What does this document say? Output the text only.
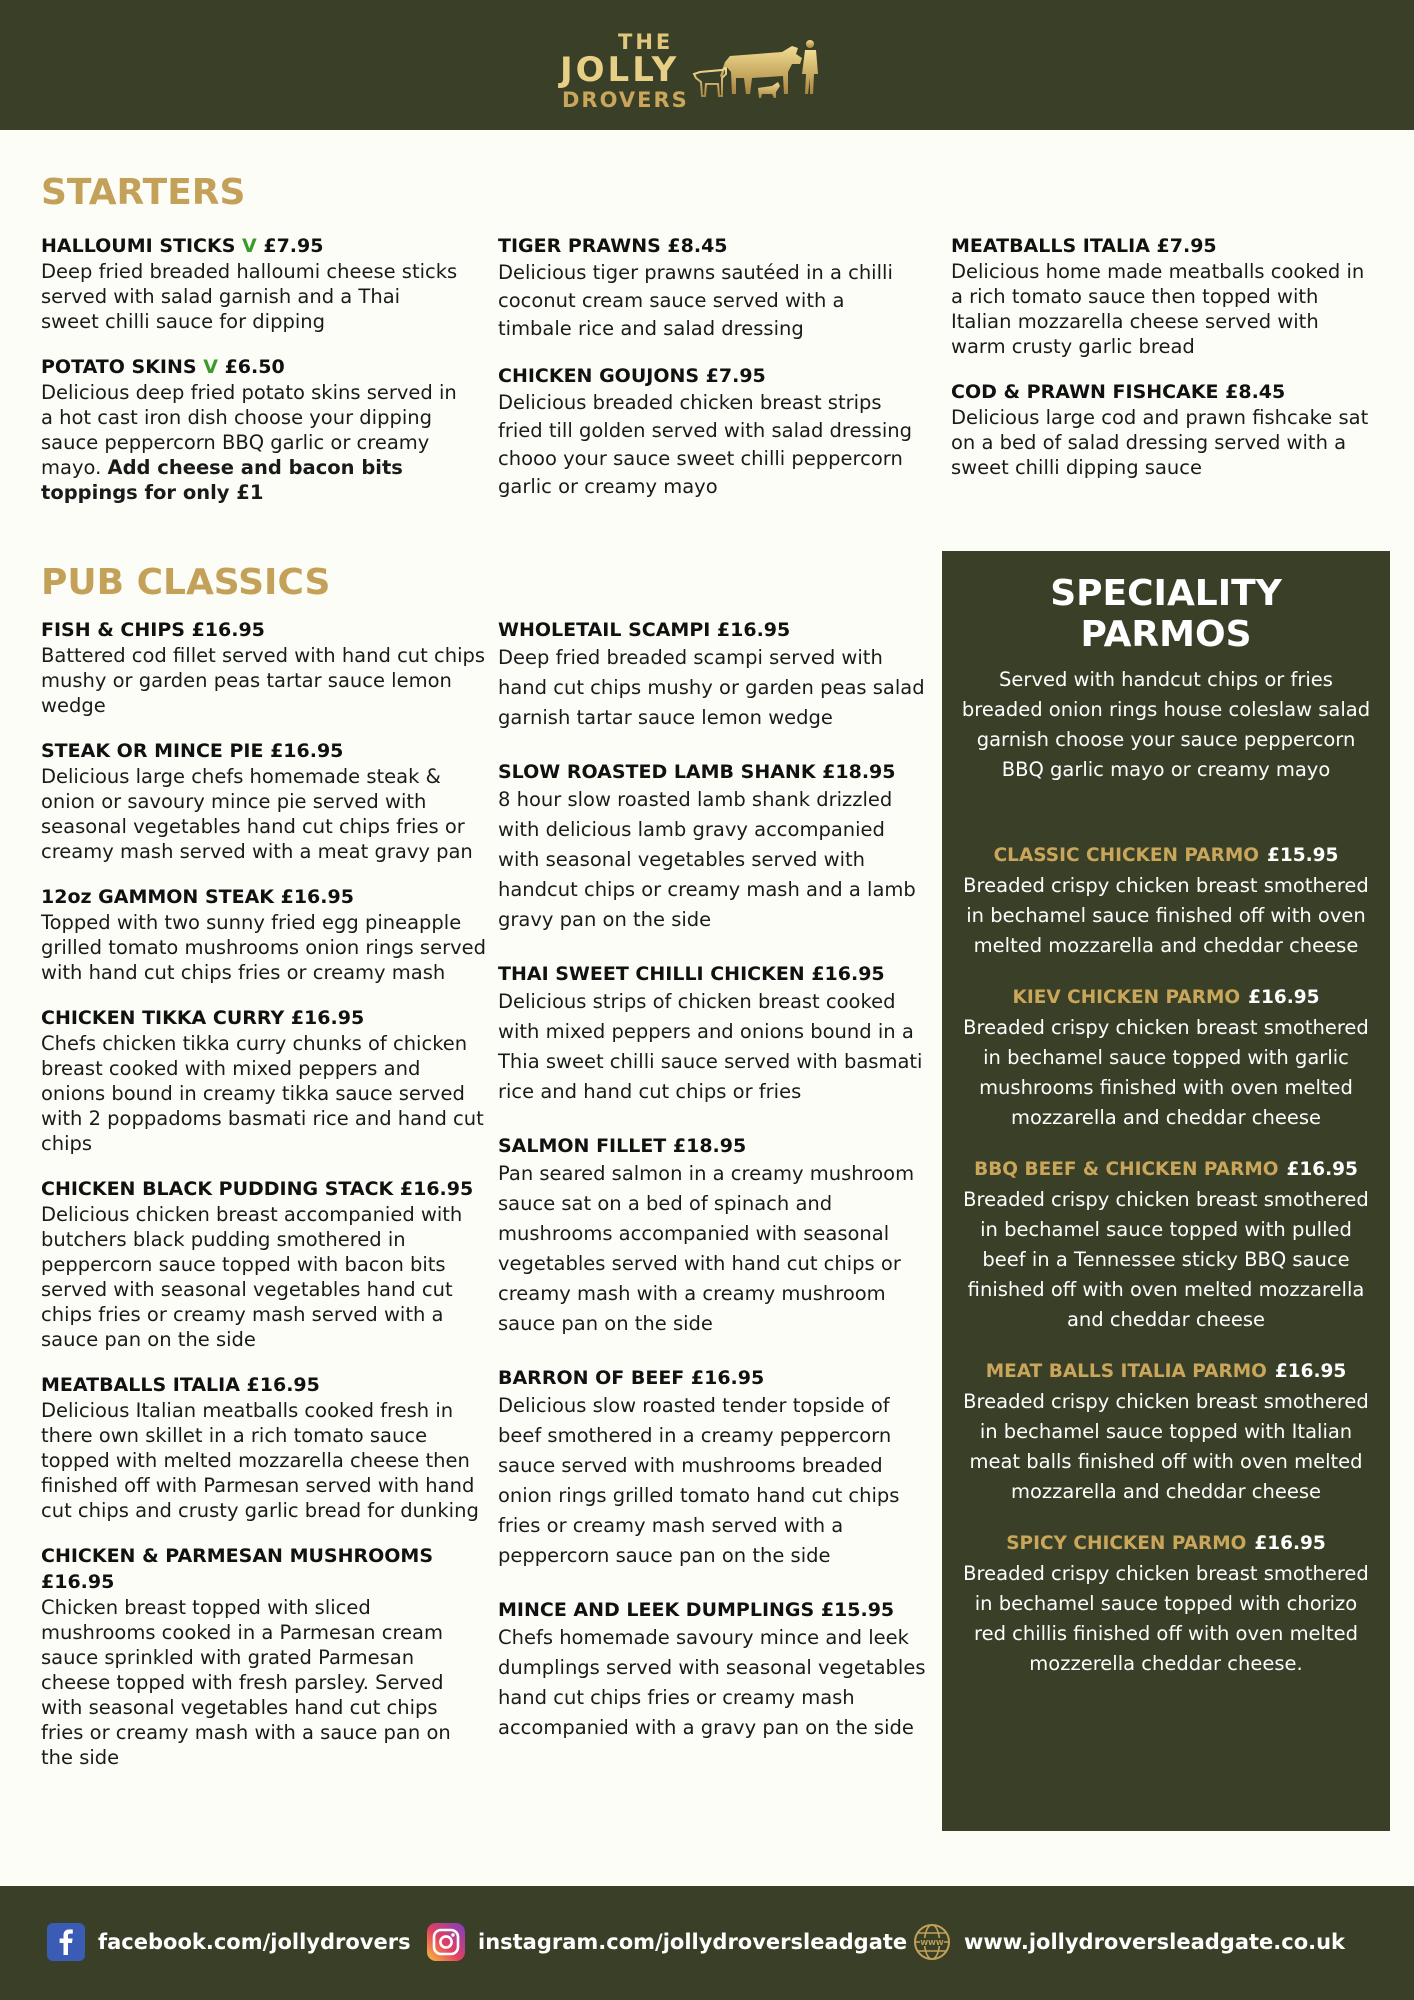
THE
JOLLY
DROVERS
STARTERS
HALLOUMI STICKS V £7.95
Deep fried breaded halloumi cheese sticks served with salad garnish and a Thai sweet chilli sauce for dipping
POTATO SKINS V £6.50
Delicious deep fried potato skins served in a hot cast iron dish choose your dipping sauce peppercorn BBQ garlic or creamy mayo. Add cheese and bacon bits toppings for only £1
TIGER PRAWNS £8.45
Delicious tiger prawns sautéed in a chilli coconut cream sauce served with a timbale rice and salad dressing
CHICKEN GOUJONS £7.95
Delicious breaded chicken breast strips fried till golden served with salad dressing chooo your sauce sweet chilli peppercorn garlic or creamy mayo
MEATBALLS ITALIA £7.95
Delicious home made meatballs cooked in a rich tomato sauce then topped with Italian mozzarella cheese served with warm crusty garlic bread
COD & PRAWN FISHCAKE £8.45
Delicious large cod and prawn fishcake sat on a bed of salad dressing served with a sweet chilli dipping sauce
PUB CLASSICS
FISH & CHIPS £16.95
Battered cod fillet served with hand cut chips mushy or garden peas tartar sauce lemon wedge
STEAK OR MINCE PIE £16.95
Delicious large chefs homemade steak & onion or savoury mince pie served with seasonal vegetables hand cut chips fries or creamy mash served with a meat gravy pan
12oz GAMMON STEAK £16.95
Topped with two sunny fried egg pineapple grilled tomato mushrooms onion rings served with hand cut chips fries or creamy mash
CHICKEN TIKKA CURRY £16.95
Chefs chicken tikka curry chunks of chicken breast cooked with mixed peppers and onions bound in creamy tikka sauce served with 2 poppadoms basmati rice and hand cut chips
CHICKEN BLACK PUDDING STACK £16.95
Delicious chicken breast accompanied with butchers black pudding smothered in peppercorn sauce topped with bacon bits served with seasonal vegetables hand cut chips fries or creamy mash served with a sauce pan on the side
MEATBALLS ITALIA £16.95
Delicious Italian meatballs cooked fresh in there own skillet in a rich tomato sauce topped with melted mozzarella cheese then finished off with Parmesan served with hand cut chips and crusty garlic bread for dunking
CHICKEN & PARMESAN MUSHROOMS £16.95
Chicken breast topped with sliced mushrooms cooked in a Parmesan cream sauce sprinkled with grated Parmesan cheese topped with fresh parsley. Served with seasonal vegetables hand cut chips fries or creamy mash with a sauce pan on the side
WHOLETAIL SCAMPI £16.95
Deep fried breaded scampi served with hand cut chips mushy or garden peas salad garnish tartar sauce lemon wedge
SLOW ROASTED LAMB SHANK £18.95
8 hour slow roasted lamb shank drizzled with delicious lamb gravy accompanied with seasonal vegetables served with handcut chips or creamy mash and a lamb gravy pan on the side
THAI SWEET CHILLI CHICKEN £16.95
Delicious strips of chicken breast cooked with mixed peppers and onions bound in a Thia sweet chilli sauce served with basmati rice and hand cut chips or fries
SALMON FILLET £18.95
Pan seared salmon in a creamy mushroom sauce sat on a bed of spinach and mushrooms accompanied with seasonal vegetables served with hand cut chips or creamy mash with a creamy mushroom sauce pan on the side
BARRON OF BEEF £16.95
Delicious slow roasted tender topside of beef smothered in a creamy peppercorn sauce served with mushrooms breaded onion rings grilled tomato hand cut chips fries or creamy mash served with a peppercorn sauce pan on the side
MINCE AND LEEK DUMPLINGS £15.95
Chefs homemade savoury mince and leek dumplings served with seasonal vegetables hand cut chips fries or creamy mash accompanied with a gravy pan on the side
SPECIALITY PARMOS
Served with handcut chips or fries breaded onion rings house coleslaw salad garnish choose your sauce peppercorn BBQ garlic mayo or creamy mayo
CLASSIC CHICKEN PARMO £15.95
Breaded crispy chicken breast smothered in bechamel sauce finished off with oven melted mozzarella and cheddar cheese
KIEV CHICKEN PARMO £16.95
Breaded crispy chicken breast smothered in bechamel sauce topped with garlic mushrooms finished with oven melted mozzarella and cheddar cheese
BBQ BEEF & CHICKEN PARMO £16.95
Breaded crispy chicken breast smothered in bechamel sauce topped with pulled beef in a Tennessee sticky BBQ sauce finished off with oven melted mozzarella and cheddar cheese
MEAT BALLS ITALIA PARMO £16.95
Breaded crispy chicken breast smothered in bechamel sauce topped with Italian meat balls finished off with oven melted mozzarella and cheddar cheese
SPICY CHICKEN PARMO £16.95
Breaded crispy chicken breast smothered in bechamel sauce topped with chorizo red chillis finished off with oven melted mozzerella cheddar cheese.
facebook.com/jollydrovers	instagram.com/jollydroversleadgate WWW www.jollydroversleadgate.co.uk
